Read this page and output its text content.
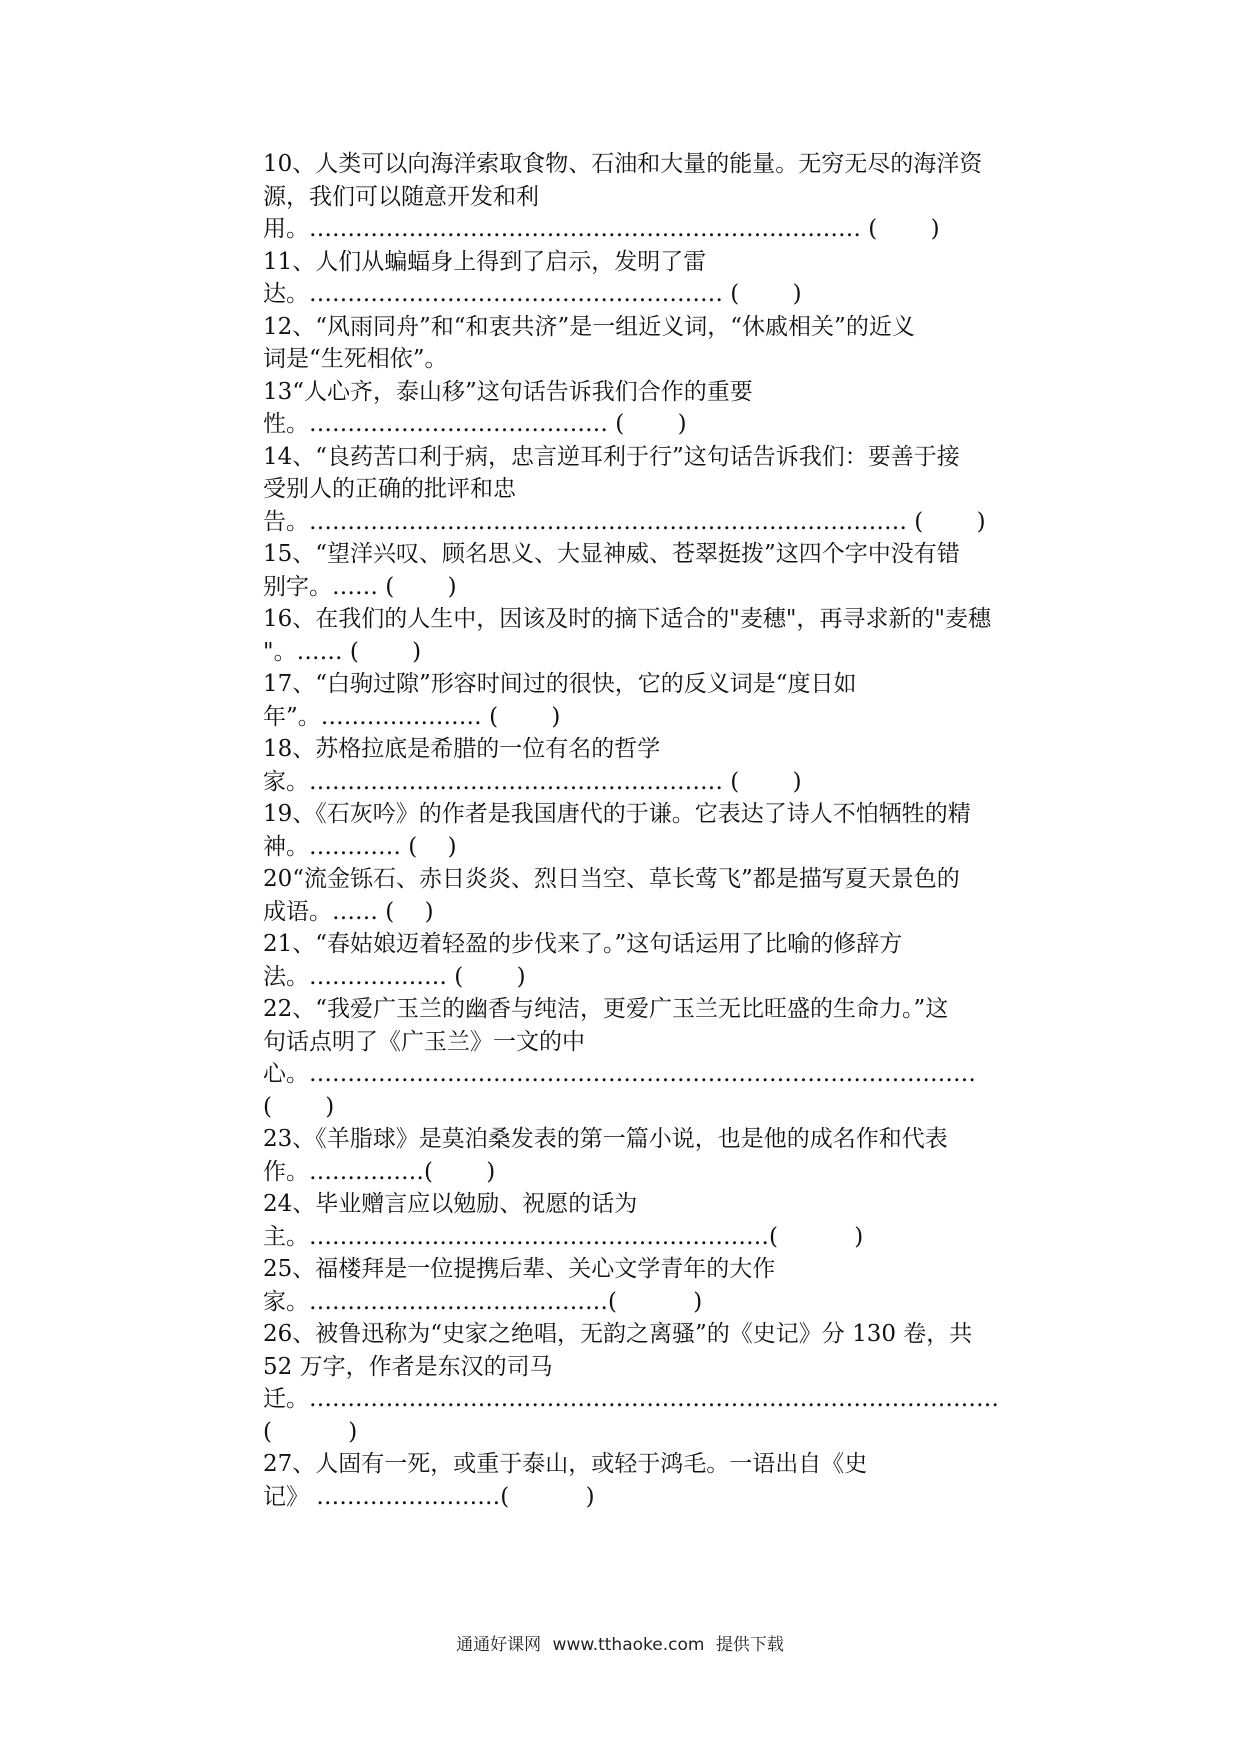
10、人类可以向海洋索取食物、石油和大量的能量。无穷无尽的海洋资
源，我们可以随意开发和利
用。……………………………………………………………… (　　 )
11、人们从蝙蝠身上得到了启示，发明了雷
达。……………………………………………… (　　 )
12、“风雨同舟”和“和衷共济”是一组近义词，“休戚相关”的近义
词是“生死相依”。
13“人心齐，泰山移”这句话告诉我们合作的重要
性。………………………………… (　　 )
14、“良药苦口利于病，忠言逆耳利于行”这句话告诉我们：要善于接
受别人的正确的批评和忠
告。…………………………………………………………………… (　　 )
15、“望洋兴叹、顾名思义、大显神威、苍翠挺拨”这四个字中没有错
别字。…… (　　 )
16、在我们的人生中，因该及时的摘下适合的"麦穗"，再寻求新的"麦穗
"。…… (　　 )
17、“白驹过隙”形容时间过的很快，它的反义词是“度日如
年”。………………… (　　 )
18、苏格拉底是希腊的一位有名的哲学
家。……………………………………………… (　　 )
19、《石灰吟》的作者是我国唐代的于谦。它表达了诗人不怕牺牲的精
神。………… (　 )
20“流金铄石、赤日炎炎、烈日当空、草长莺飞”都是描写夏天景色的
成语。…… (　 )
21、“春姑娘迈着轻盈的步伐来了。”这句话运用了比喻的修辞方
法。……………… (　　 )
22、“我爱广玉兰的幽香与纯洁，更爱广玉兰无比旺盛的生命力。”这
句话点明了《广玉兰》一文的中
心。……………………………………………………………………………
(　　 )
23、《羊脂球》是莫泊桑发表的第一篇小说，也是他的成名作和代表
作。……………(　　 )
24、毕业赠言应以勉励、祝愿的话为
主。……………………………………………………(　　　 )
25、福楼拜是一位提携后辈、关心文学青年的大作
家。…………………………………(　　　 )
26、被鲁迅称为“史家之绝唱，无韵之离骚”的《史记》分 130 卷，共
52 万字，作者是东汉的司马
迁。………………………………………………………………………………
(　　　 )
27、人固有一死，或重于泰山，或轻于鸿毛。一语出自《史
记》 ……………………(　　　 )
通通好课网 www.tthaoke.com 提供下载
